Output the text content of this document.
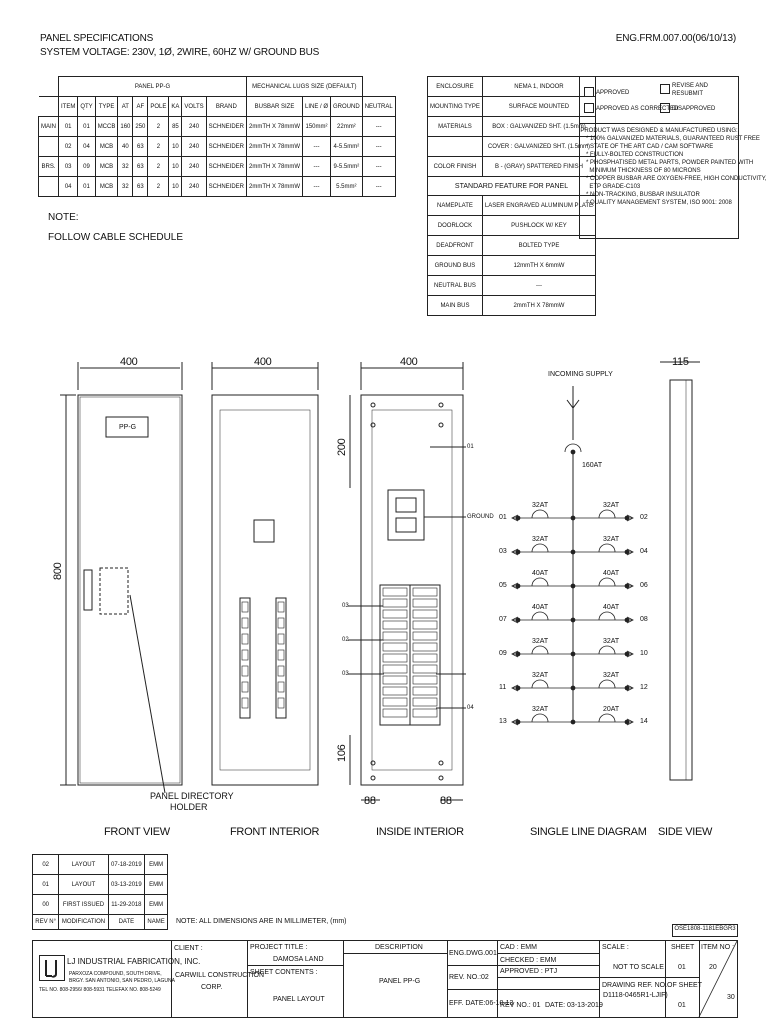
PANEL SPECIFICATIONS
SYSTEM VOLTAGE: 230V, 1Ø, 2WIRE, 60HZ W/ GROUND BUS
ENG.FRM.007.00(06/10/13)
	PANEL PP-G									MECHANICAL LUGS SIZE (DEFAULT)			
	ITEM	QTY	TYPE	AT	AF	POLE	KA	VOLTS	BRAND	BUSBAR SIZE	LINE / Ø	GROUND	NEUTRAL
MAIN	01	01	MCCB	160	250	2	85	240	SCHNEIDER	2mmTH X 78mmW	150mm²	22mm²	---
	02	04	MCB	40	63	2	10	240	SCHNEIDER	2mmTH X 78mmW	---	4-5.5mm²	---
BRS.	03	09	MCB	32	63	2	10	240	SCHNEIDER	2mmTH X 78mmW	---	9-5.5mm²	---
	04	01	MCB	32	63	2	10	240	SCHNEIDER	2mmTH X 78mmW	---	5.5mm²	---
NOTE:
FOLLOW CABLE SCHEDULE
ENCLOSURE	NEMA 1, INDOOR
MOUNTING TYPE	SURFACE MOUNTED
MATERIALS	BOX : GALVANIZED SHT. (1.5mm)
	COVER : GALVANIZED SHT. (1.5mm)
COLOR FINISH	B - (GRAY) SPATTERED FINISH
STANDARD FEATURE FOR PANEL	
NAMEPLATE	LASER ENGRAVED ALUMINUM PLATE
DOORLOCK	PUSHLOCK W/ KEY
DEADFRONT	BOLTED TYPE
GROUND BUS	12mmTH X 6mmW
NEUTRAL BUS	---
MAIN BUS	2mmTH X 78mmW
APPROVED
APPROVED AS CORRECTED
REVISE AND RESUBMIT
DISAPPROVED
PRODUCT WAS DESIGNED & MANUFACTURED USING:
* 100% GALVANIZED MATERIALS, GUARANTEED RUST FREE
* STATE OF THE ART CAD / CAM SOFTWARE
* FULLY-BOLTED CONSTRUCTION
* PHOSPHATISED METAL PARTS, POWDER PAINTED WITH
MINIMUM THICKNESS OF 80 MICRONS
* COPPER BUSBAR ARE OXYGEN-FREE, HIGH CONDUCTIVITY,
ETP GRADE-C103
* NON-TRACKING, BUSBAR INSULATOR
* QUALITY MANAGEMENT SYSTEM, ISO 9001: 2008
400	400	400	115
800
200
106
88	88
PP-G
PANEL DIRECTORY
HOLDER
01
GROUND
03
02
03
04
INCOMING SUPPLY
160AT
01
32AT
02
32AT
03
32AT
04
32AT
05
40AT
06
40AT
07
40AT
08
40AT
09
32AT
10
32AT
11
32AT
12
32AT
13
32AT
14
20AT
FRONT VIEW	FRONT INTERIOR	INSIDE INTERIOR	SINGLE LINE DIAGRAM SIDE VIEW
02	LAYOUT	07-18-2019	EMM
01	LAYOUT	03-13-2019	EMM
00	FIRST ISSUED	11-29-2018	EMM
REV N°	MODIFICATION	DATE	NAME NOTE: ALL DIMENSIONS ARE IN MILLIMETER, (mm)
OSE1808-1181EBGR3
LJ INDUSTRIAL FABRICATION, INC.
PARXOZA COMPOUND, SOUTH DRIVE,
BRGY. SAN ANTONIO, SAN PEDRO, LAGUNA
TEL NO. 808-2956/ 808-5931 TELEFAX NO. 808-5249
CLIENT :
CARWILL CONSTRUCTION
CORP.
PROJECT TITLE :
DAMOSA LAND
SHEET CONTENTS :
PANEL LAYOUT
DESCRIPTION
PANEL PP-G
ENG.DWG.001
REV. NO.:02
EFF. DATE:06-10-13
CAD : EMM
CHECKED : EMM
APPROVED : PTJ
REV NO.: 01 DATE: 03-13-2019
SCALE :
NOT TO SCALE
DRAWING REF. NO.
D1118-0465R1-LJIF)
SHEET
01
OF SHEET
01
ITEM NO :
20
30
